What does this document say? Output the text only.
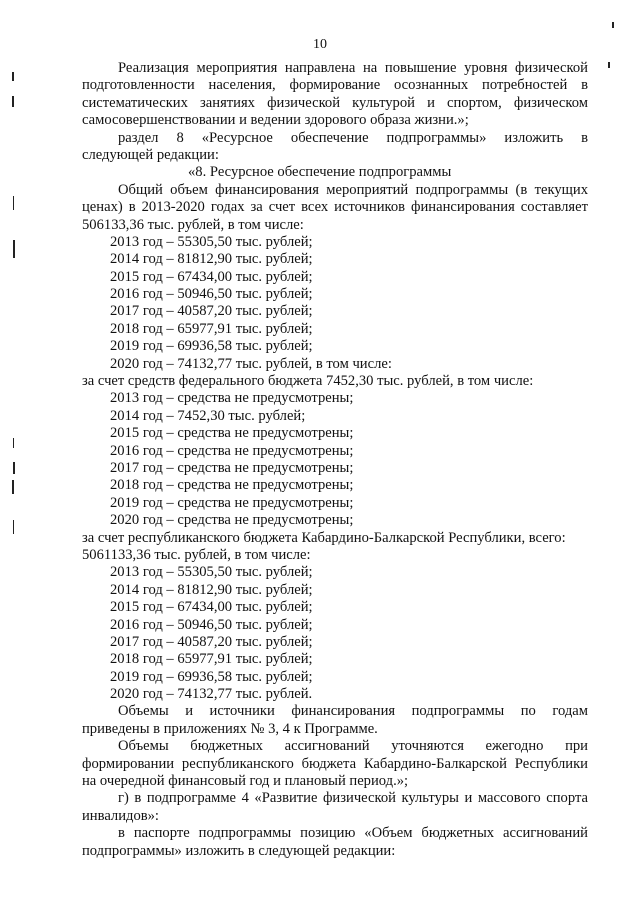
10
Реализация мероприятия направлена на повышение уровня физической
подготовленности населения, формирование осознанных потребностей в
систематических занятиях физической культурой и спортом, физическом
самосовершенствовании и ведении здорового образа жизни.»;
раздел 8 «Ресурсное обеспечение подпрограммы» изложить в
следующей редакции:
«8. Ресурсное обеспечение подпрограммы
Общий объем финансирования мероприятий подпрограммы (в текущих
ценах) в 2013-2020 годах за счет всех источников финансирования составляет
506133,36 тыс. рублей, в том числе:
2013 год – 55305,50 тыс. рублей;
2014 год – 81812,90 тыс. рублей;
2015 год – 67434,00 тыс. рублей;
2016 год – 50946,50 тыс. рублей;
2017 год – 40587,20 тыс. рублей;
2018 год – 65977,91 тыс. рублей;
2019 год – 69936,58 тыс. рублей;
2020 год – 74132,77 тыс. рублей, в том числе:
за счет средств федерального бюджета 7452,30 тыс. рублей, в том числе:
2013 год – средства не предусмотрены;
2014 год – 7452,30 тыс. рублей;
2015 год – средства не предусмотрены;
2016 год – средства не предусмотрены;
2017 год – средства не предусмотрены;
2018 год – средства не предусмотрены;
2019 год – средства не предусмотрены;
2020 год – средства не предусмотрены;
за счет республиканского бюджета Кабардино-Балкарской Республики, всего:
5061133,36 тыс. рублей, в том числе:
2013 год – 55305,50 тыс. рублей;
2014 год – 81812,90 тыс. рублей;
2015 год – 67434,00 тыс. рублей;
2016 год – 50946,50 тыс. рублей;
2017 год – 40587,20 тыс. рублей;
2018 год – 65977,91 тыс. рублей;
2019 год – 69936,58 тыс. рублей;
2020 год – 74132,77 тыс. рублей.
Объемы и источники финансирования подпрограммы по годам
приведены в приложениях № 3, 4 к Программе.
Объемы бюджетных ассигнований уточняются ежегодно при
формировании республиканского бюджета Кабардино-Балкарской Республики
на очередной финансовый год и плановый период.»;
г) в подпрограмме 4 «Развитие физической культуры и массового спорта
инвалидов»:
в паспорте подпрограммы позицию «Объем бюджетных ассигнований
подпрограммы» изложить в следующей редакции:
